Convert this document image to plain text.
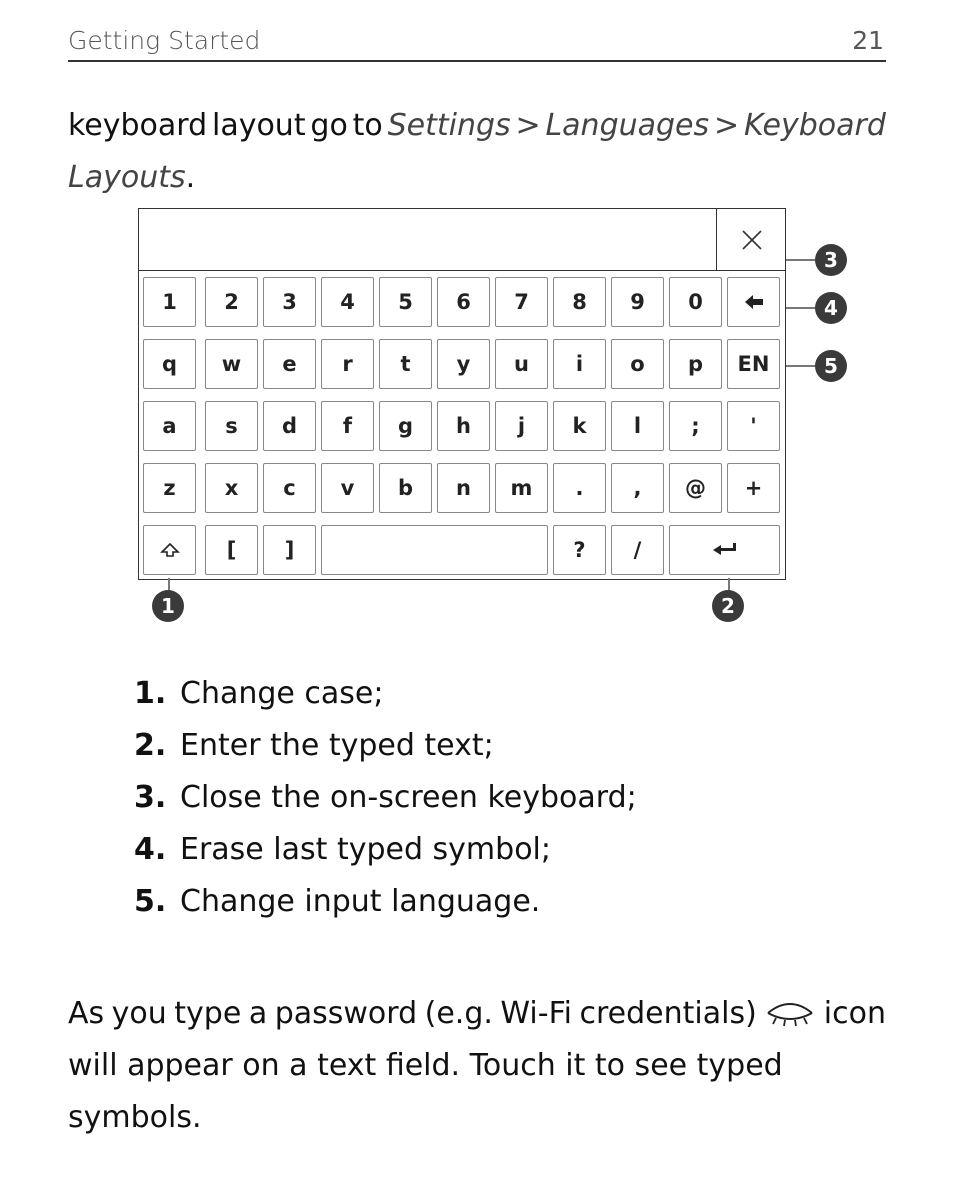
Getting Started	21
keyboard layout go to Settings > Languages > Keyboard
Layouts.
1	2	3	4	5	6	7	8	9	0
q	w	e	r	t	y	u	i	o	p	EN
a	s	d	f	g	h	j	k	l	;	'
z	x	c	v	b	n	m	.	,	@	+
[	]	?	/
3
4
5
1	2
1. Change case;
2. Enter the typed text;
3. Close the on-screen keyboard;
4. Erase last typed symbol;
5. Change input language.
As you type a password (e.g. Wi-Fi credentials) icon
will appear on a text field. Touch it to see typed symbols.
